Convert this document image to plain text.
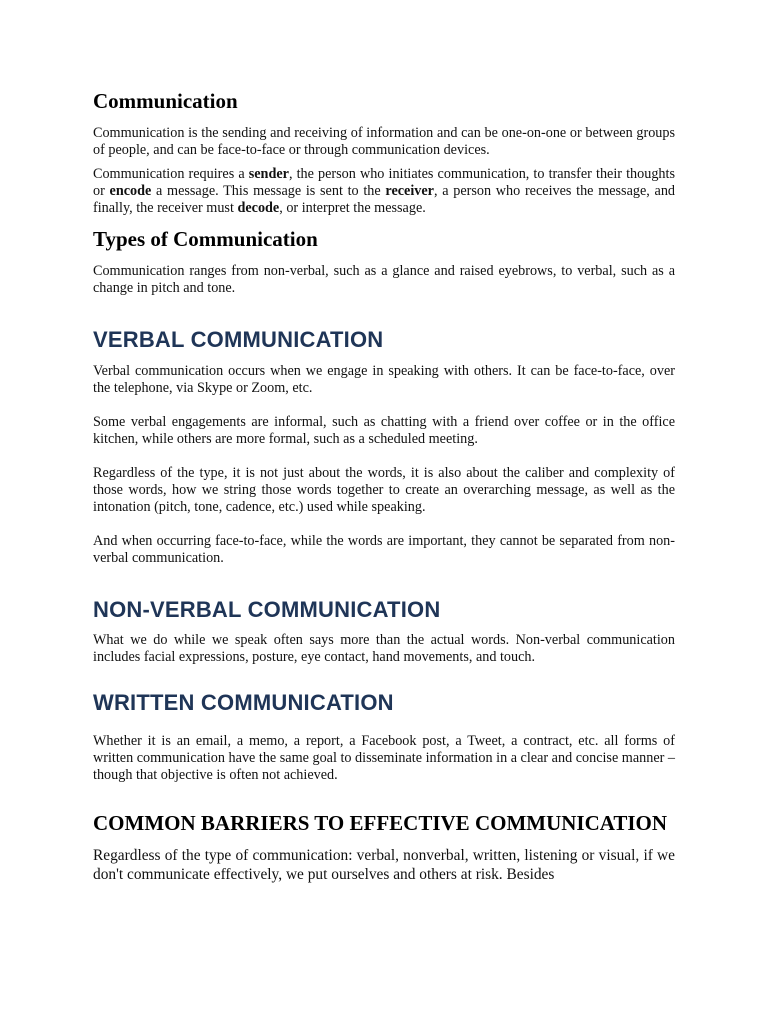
Communication

Communication is the sending and receiving of information and can be one-on-one or between groups of people, and can be face-to-face or through communication devices.

Communication requires a sender, the person who initiates communication, to transfer their thoughts or encode a message. This message is sent to the receiver, a person who receives the message, and finally, the receiver must decode, or interpret the message.

Types of Communication

Communication ranges from non-verbal, such as a glance and raised eyebrows, to verbal, such as a change in pitch and tone.

VERBAL COMMUNICATION

Verbal communication occurs when we engage in speaking with others. It can be face-to-face, over the telephone, via Skype or Zoom, etc.

Some verbal engagements are informal, such as chatting with a friend over coffee or in the office kitchen, while others are more formal, such as a scheduled meeting.

Regardless of the type, it is not just about the words, it is also about the caliber and complexity of those words, how we string those words together to create an overarching message, as well as the intonation (pitch, tone, cadence, etc.) used while speaking.

And when occurring face-to-face, while the words are important, they cannot be separated from non-verbal communication.

NON-VERBAL COMMUNICATION

What we do while we speak often says more than the actual words. Non-verbal communication includes facial expressions, posture, eye contact, hand movements, and touch.

WRITTEN COMMUNICATION

Whether it is an email, a memo, a report, a Facebook post, a Tweet, a contract, etc. all forms of written communication have the same goal to disseminate information in a clear and concise manner – though that objective is often not achieved.

COMMON BARRIERS TO EFFECTIVE COMMUNICATION

Regardless of the type of communication: verbal, nonverbal, written, listening or visual, if we don't communicate effectively, we put ourselves and others at risk. Besides
